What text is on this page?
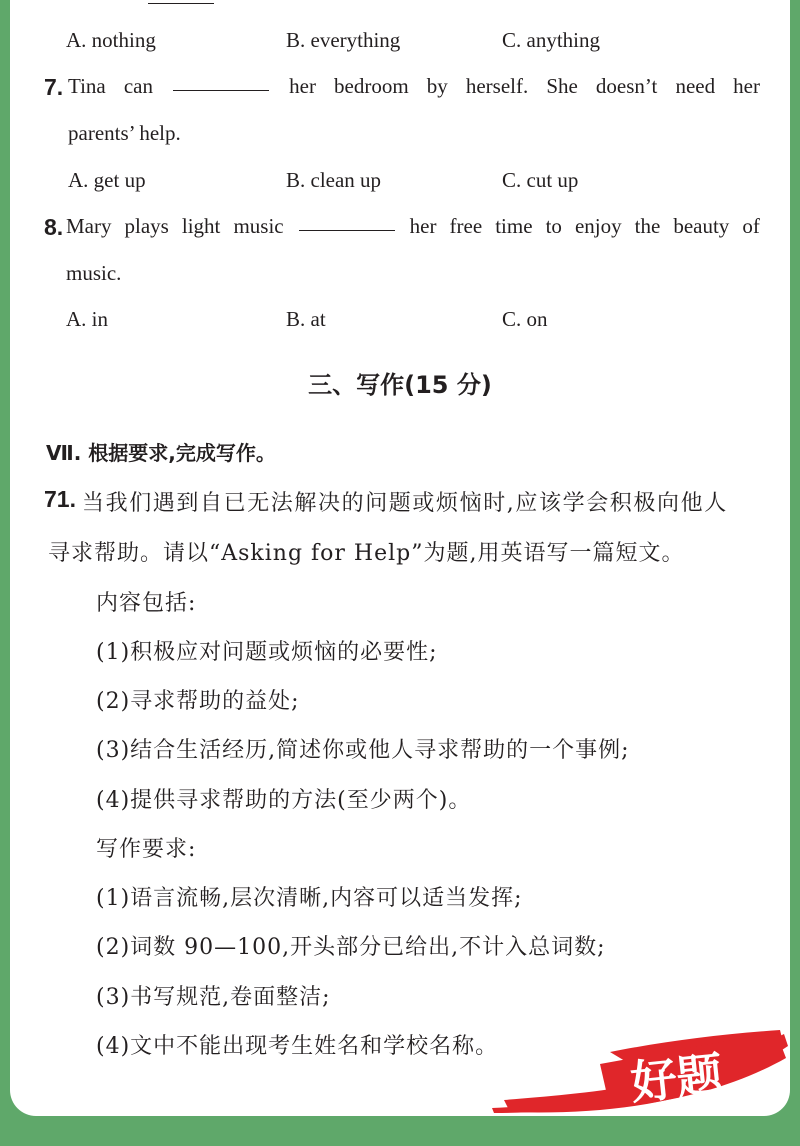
A. nothing	B. everything	C. anything
7. Tina can	her bedroom by herself. She doesn’t need her
parents’ help.
A. get up	B. clean up	C. cut up
8. Mary plays light music	her free time to enjoy the beauty of
music.
A. in	B. at	C. on
三、写作(15 分)
Ⅶ. 根据要求,完成写作。
71. 当我们遇到自已无法解决的问题或烦恼时,应该学会积极向他人
寻求帮助。请以“Asking for Help”为题,用英语写一篇短文。
内容包括:
(1)积极应对问题或烦恼的必要性;
(2)寻求帮助的益处;
(3)结合生活经历,简述你或他人寻求帮助的一个事例;
(4)提供寻求帮助的方法(至少两个)。
写作要求:
(1)语言流畅,层次清晰,内容可以适当发挥;
(2)词数 90—100,开头部分已给出,不计入总词数;
(3)书写规范,卷面整洁;
(4)文中不能出现考生姓名和学校名称。
好题
